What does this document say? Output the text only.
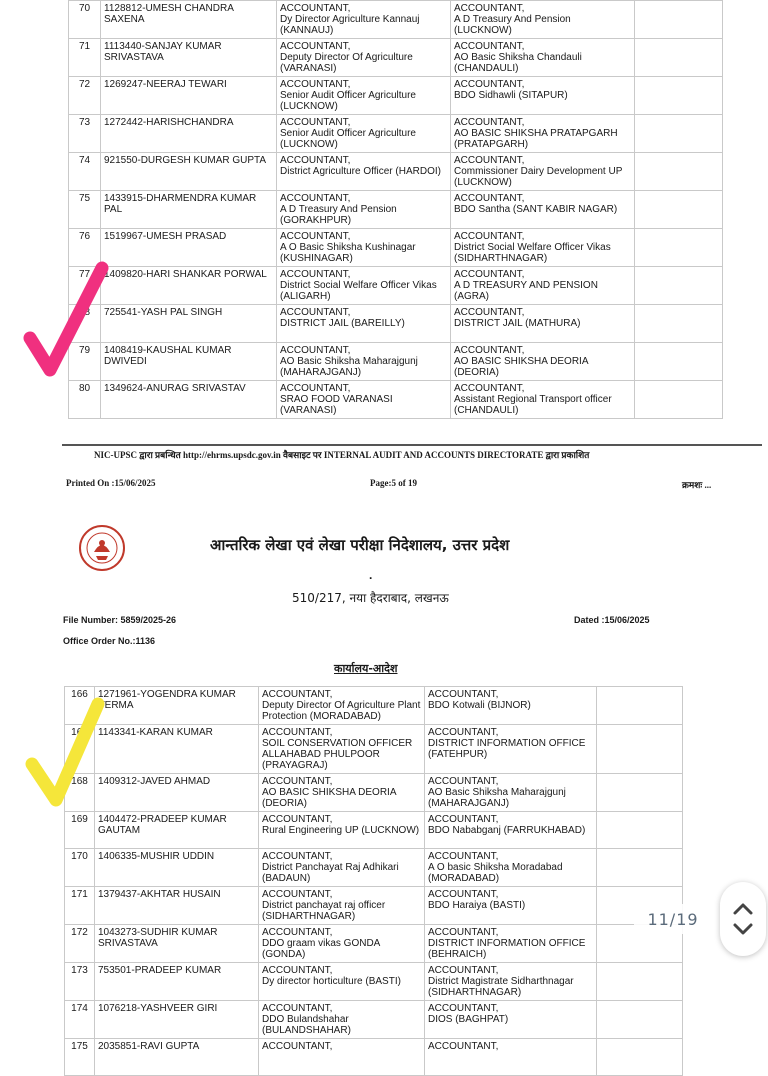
70	1128812-UMESH CHANDRA SAXENA	ACCOUNTANT,
Dy Director Agriculture Kannauj
(KANNAUJ)	ACCOUNTANT,
A D Treasury And Pension
(LUCKNOW)	
71	1113440-SANJAY KUMAR SRIVASTAVA	ACCOUNTANT,
Deputy Director Of Agriculture
(VARANASI)	ACCOUNTANT,
AO Basic Shiksha Chandauli
(CHANDAULI)	
72	1269247-NEERAJ TEWARI	ACCOUNTANT,
Senior Audit Officer Agriculture
(LUCKNOW)	ACCOUNTANT,
BDO Sidhawli (SITAPUR)	
73	1272442-HARISHCHANDRA	ACCOUNTANT,
Senior Audit Officer Agriculture
(LUCKNOW)	ACCOUNTANT,
AO BASIC SHIKSHA PRATAPGARH
(PRATAPGARH)	
74	921550-DURGESH KUMAR GUPTA	ACCOUNTANT,
District Agriculture Officer (HARDOI)	ACCOUNTANT,
Commissioner Dairy Development UP
(LUCKNOW)	
75	1433915-DHARMENDRA KUMAR PAL	ACCOUNTANT,
A D Treasury And Pension
(GORAKHPUR)	ACCOUNTANT,
BDO Santha (SANT KABIR NAGAR)	
76	1519967-UMESH PRASAD	ACCOUNTANT,
A O Basic Shiksha Kushinagar
(KUSHINAGAR)	ACCOUNTANT,
District Social Welfare Officer Vikas
(SIDHARTHNAGAR)	
77	1409820-HARI SHANKAR PORWAL	ACCOUNTANT,
District Social Welfare Officer Vikas
(ALIGARH)	ACCOUNTANT,
A D TREASURY AND PENSION
(AGRA)	
78	725541-YASH PAL SINGH	ACCOUNTANT,
DISTRICT JAIL (BAREILLY)	ACCOUNTANT,
DISTRICT JAIL (MATHURA)	
79	1408419-KAUSHAL KUMAR DWIVEDI	ACCOUNTANT,
AO Basic Shiksha Maharajgunj
(MAHARAJGANJ)	ACCOUNTANT,
AO BASIC SHIKSHA DEORIA
(DEORIA)	
80	1349624-ANURAG SRIVASTAV	ACCOUNTANT,
SRAO FOOD VARANASI
(VARANASI)	ACCOUNTANT,
Assistant Regional Transport officer
(CHANDAULI)	
NIC-UPSC द्वारा प्रबन्धित http://ehrms.upsdc.gov.in वैबसाइट पर INTERNAL AUDIT AND ACCOUNTS DIRECTORATE द्वारा प्रकाशित
Printed On :15/06/2025	Page:5 of 19	क्रमशः ...
आन्तरिक लेखा एवं लेखा परीक्षा निदेशालय, उत्तर प्रदेश
.
510/217, नया हैदराबाद, लखनऊ
File Number: 5859/2025-26	Dated :15/06/2025
Office Order No.:1136
कार्यालय-आदेश
166	1271961-YOGENDRA KUMAR VERMA	ACCOUNTANT,
Deputy Director Of Agriculture Plant
Protection (MORADABAD)	ACCOUNTANT,
BDO Kotwali (BIJNOR)	
167	1143341-KARAN KUMAR	ACCOUNTANT,
SOIL CONSERVATION OFFICER
ALLAHABAD PHULPOOR
(PRAYAGRAJ)	ACCOUNTANT,
DISTRICT INFORMATION OFFICE
(FATEHPUR)	
168	1409312-JAVED AHMAD	ACCOUNTANT,
AO BASIC SHIKSHA DEORIA
(DEORIA)	ACCOUNTANT,
AO Basic Shiksha Maharajgunj
(MAHARAJGANJ)	
169	1404472-PRADEEP KUMAR GAUTAM	ACCOUNTANT,
Rural Engineering UP (LUCKNOW)	ACCOUNTANT,
BDO Nababganj (FARRUKHABAD)	
170	1406335-MUSHIR UDDIN	ACCOUNTANT,
District Panchayat Raj Adhikari
(BADAUN)	ACCOUNTANT,
A O basic Shiksha Moradabad
(MORADABAD)	
171	1379437-AKHTAR HUSAIN	ACCOUNTANT,
District panchayat raj officer
(SIDHARTHNAGAR)	ACCOUNTANT,
BDO Haraiya (BASTI)	
172	1043273-SUDHIR KUMAR SRIVASTAVA	ACCOUNTANT,
DDO graam vikas GONDA (GONDA)	ACCOUNTANT,
DISTRICT INFORMATION OFFICE
(BEHRAICH)	
173	753501-PRADEEP KUMAR	ACCOUNTANT,
Dy director horticulture (BASTI)	ACCOUNTANT,
District Magistrate Sidharthnagar
(SIDHARTHNAGAR)	
174	1076218-YASHVEER GIRI	ACCOUNTANT,
DDO Bulandshahar
(BULANDSHAHAR)	ACCOUNTANT,
DIOS (BAGHPAT)	
175	2035851-RAVI GUPTA	ACCOUNTANT,	ACCOUNTANT,	
11/19
